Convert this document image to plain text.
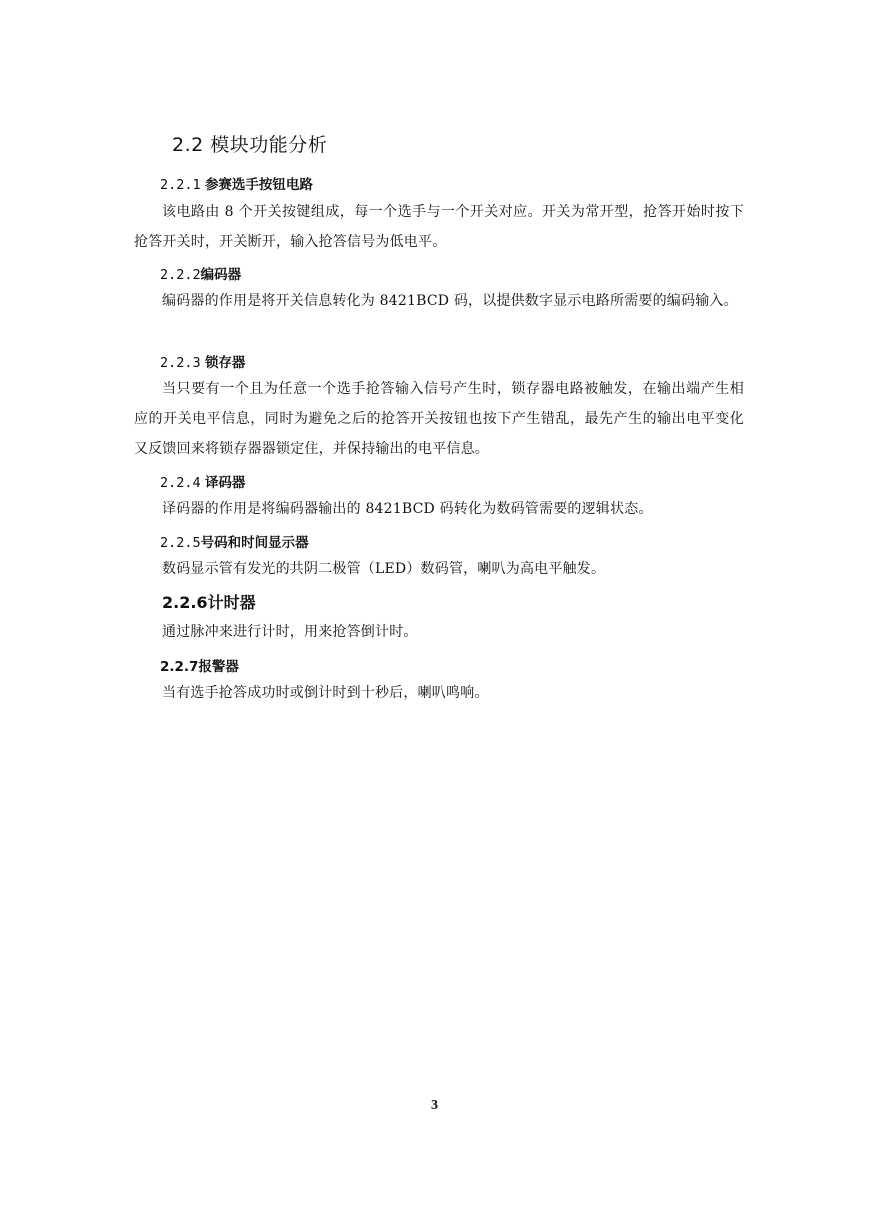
2.2 模块功能分析
2.2.1 参赛选手按钮电路
该电路由 8 个开关按键组成，每一个选手与一个开关对应。开关为常开型，抢答开始时按下抢答开关时，开关断开，输入抢答信号为低电平。
2.2.2编码器
编码器的作用是将开关信息转化为 8421BCD 码，以提供数字显示电路所需要的编码输入。
2.2.3 锁存器
当只要有一个且为任意一个选手抢答输入信号产生时，锁存器电路被触发，在输出端产生相应的开关电平信息，同时为避免之后的抢答开关按钮也按下产生错乱，最先产生的输出电平变化又反馈回来将锁存器器锁定住，并保持输出的电平信息。
2.2.4 译码器
译码器的作用是将编码器输出的 8421BCD 码转化为数码管需要的逻辑状态。
2.2.5号码和时间显示器
数码显示管有发光的共阴二极管（LED）数码管，喇叭为高电平触发。
2.2.6计时器
通过脉冲来进行计时，用来抢答倒计时。
2.2.7报警器
当有选手抢答成功时或倒计时到十秒后，喇叭鸣响。
3
